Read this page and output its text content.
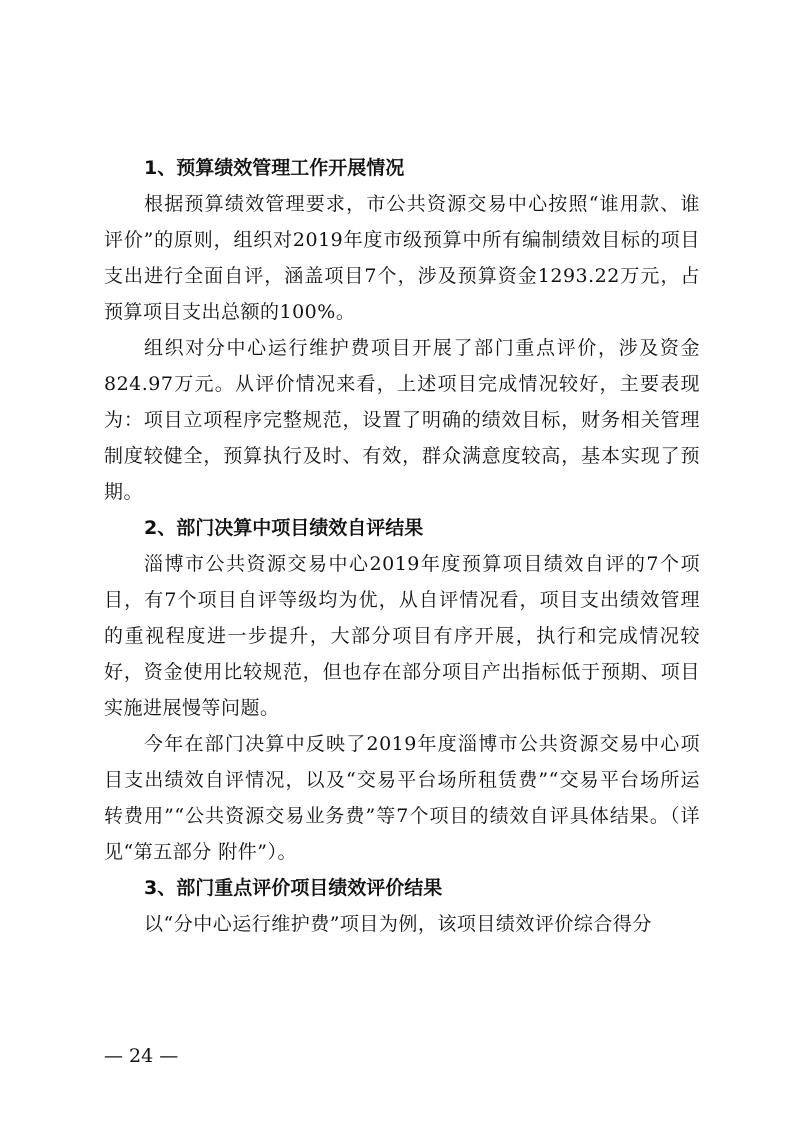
1、预算绩效管理工作开展情况

根据预算绩效管理要求，市公共资源交易中心按照“谁用款、谁评价”的原则，组织对2019年度市级预算中所有编制绩效目标的项目支出进行全面自评，涵盖项目7个，涉及预算资金1293.22万元，占预算项目支出总额的100%。

组织对分中心运行维护费项目开展了部门重点评价，涉及资金824.97万元。从评价情况来看，上述项目完成情况较好，主要表现为：项目立项程序完整规范，设置了明确的绩效目标，财务相关管理制度较健全，预算执行及时、有效，群众满意度较高，基本实现了预期。

2、部门决算中项目绩效自评结果

淄博市公共资源交易中心2019年度预算项目绩效自评的7个项目，有7个项目自评等级均为优，从自评情况看，项目支出绩效管理的重视程度进一步提升，大部分项目有序开展，执行和完成情况较好，资金使用比较规范，但也存在部分项目产出指标低于预期、项目实施进展慢等问题。

今年在部门决算中反映了2019年度淄博市公共资源交易中心项目支出绩效自评情况，以及“交易平台场所租赁费”“交易平台场所运转费用”“公共资源交易业务费”等7个项目的绩效自评具体结果。（详见“第五部分 附件”）。

3、部门重点评价项目绩效评价结果

以“分中心运行维护费”项目为例，该项目绩效评价综合得分

— 24 —
